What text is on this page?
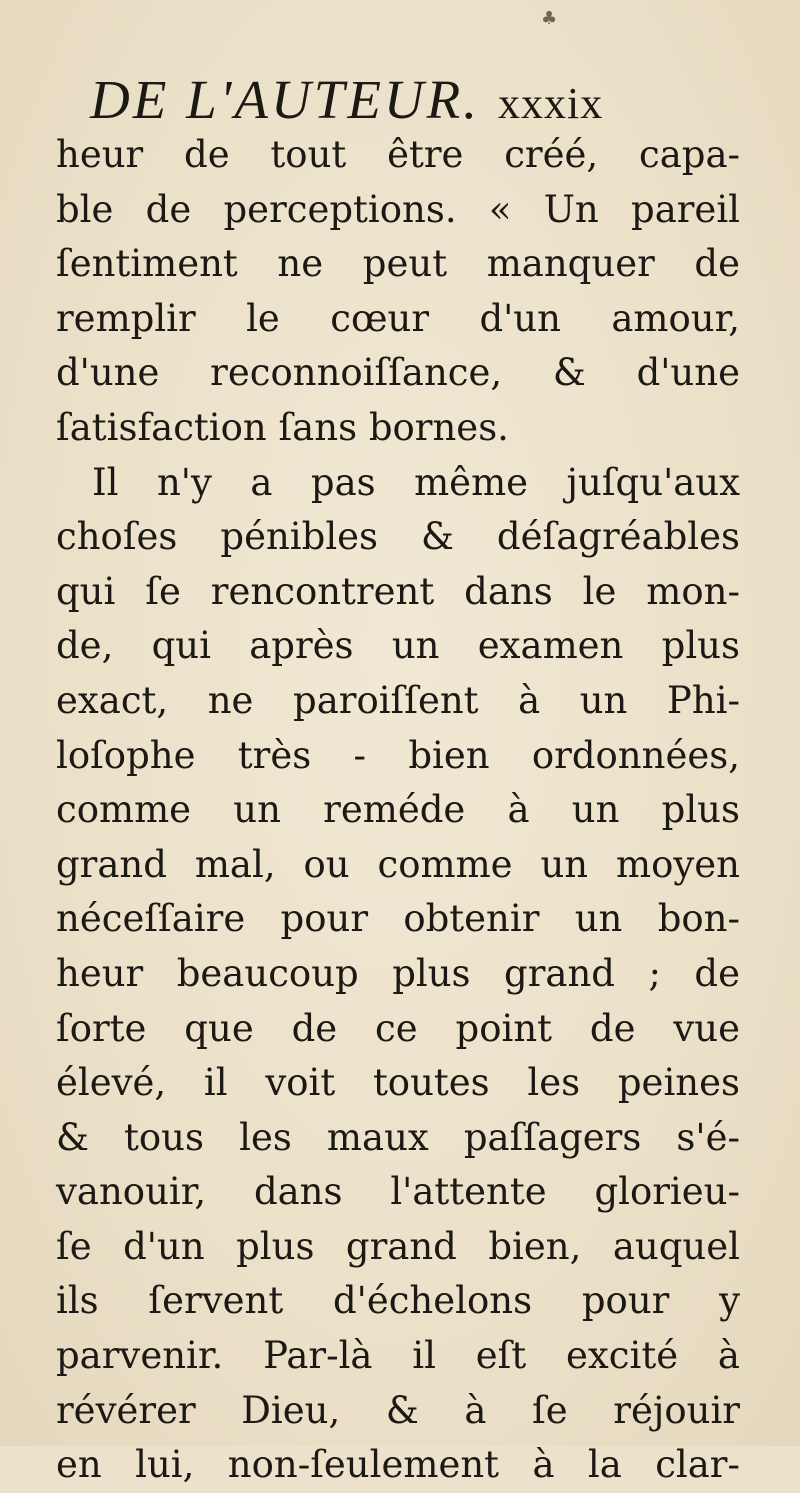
♣
DE L'AUTEUR. xxxix
heur de tout être créé, capa-
ble de perceptions. « Un pareil
ſentiment ne peut manquer de
remplir le cœur d'un amour,
d'une reconnoiſſance, & d'une
ſatisfaction ſans bornes.
Il n'y a pas même juſqu'aux
choſes pénibles & déſagréables
qui ſe rencontrent dans le mon-
de, qui après un examen plus
exact, ne paroiſſent à un Phi-
loſophe très - bien ordonnées,
comme un reméde à un plus
grand mal, ou comme un moyen
néceſſaire pour obtenir un bon-
heur beaucoup plus grand ; de
ſorte que de ce point de vue
élevé, il voit toutes les peines
& tous les maux paſſagers s'é-
vanouir, dans l'attente glorieu-
ſe d'un plus grand bien, auquel
ils ſervent d'échelons pour y
parvenir. Par-là il eſt excité à
révérer Dieu, & à ſe réjouir
en lui, non-ſeulement à la clar-
